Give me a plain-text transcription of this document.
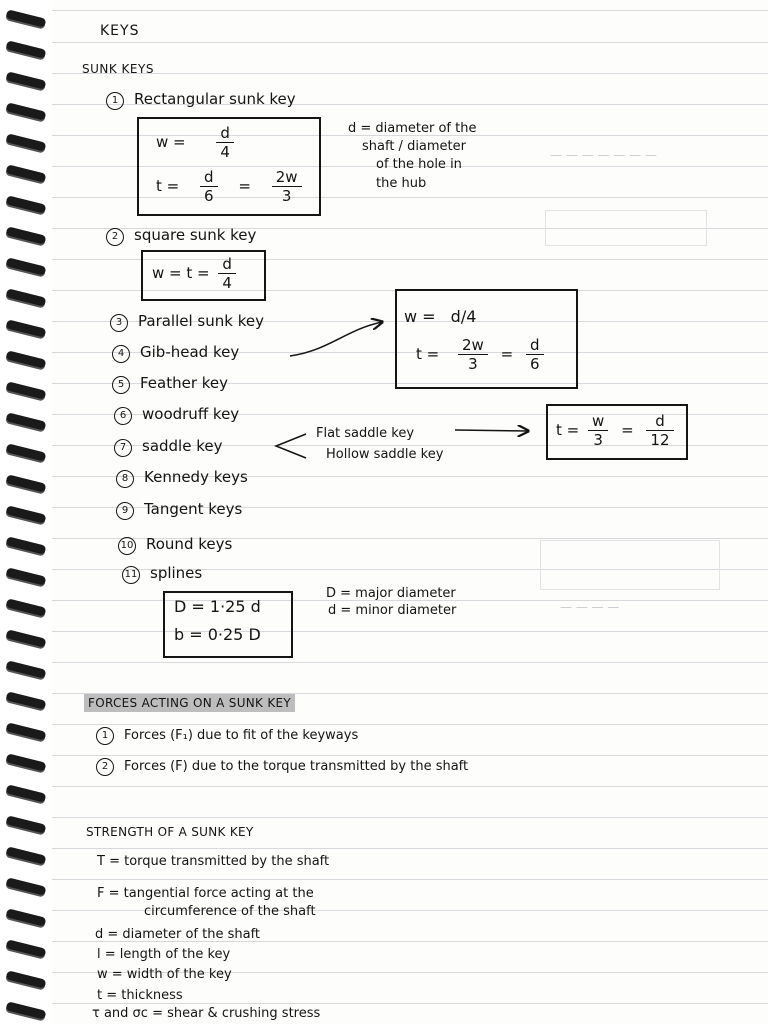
— — — — — — —
— — — —
KEYS
SUNK KEYS
1 Rectangular sunk key
$w = \frac{d}{4}$
$t = \frac{d}{6} = \frac{2w}{3}$
d = diameter of the
shaft / diameter
of the hole in
the hub
2 square sunk key
$w = t = \frac{d}{4}$
3 Parallel sunk key
4 Gib-head key
5 Feather key
6 woodruff key
7 saddle key
8 Kennedy keys
9 Tangent keys
10 Round keys
11 splines
w = d/4
$t = \frac{2w}{3} = \frac{d}{6}$
Flat saddle key
Hollow saddle key
$t = \frac{w}{3} = \frac{d}{12}$
D = 1·25 d
b = 0·25 D
D = major diameter
d = minor diameter
FORCES ACTING ON A SUNK KEY
1 Forces (F₁) due to fit of the keyways
2 Forces (F) due to the torque transmitted by the shaft
STRENGTH OF A SUNK KEY
T = torque transmitted by the shaft
F = tangential force acting at the
circumference of the shaft
d = diameter of the shaft
l = length of the key
w = width of the key
t = thickness
τ and σc = shear & crushing stress
